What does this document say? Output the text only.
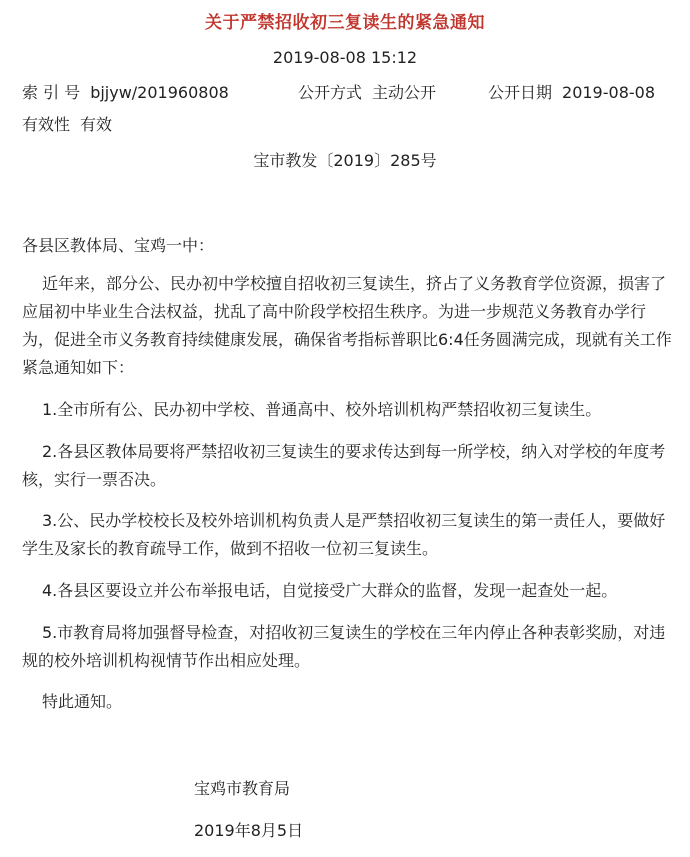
关于严禁招收初三复读生的紧急通知
2019-08-08 15:12
索 引 号 bjjyw/201960808	公开方式 主动公开	公开日期 2019-08-08
有效性 有效
宝市教发〔2019〕285号
各县区教体局、宝鸡一中：
近年来，部分公、民办初中学校擅自招收初三复读生，挤占了义务教育学位资源，损害了应届初中毕业生合法权益，扰乱了高中阶段学校招生秩序。为进一步规范义务教育办学行为，促进全市义务教育持续健康发展，确保省考指标普职比6:4任务圆满完成，现就有关工作紧急通知如下：
1.全市所有公、民办初中学校、普通高中、校外培训机构严禁招收初三复读生。
2.各县区教体局要将严禁招收初三复读生的要求传达到每一所学校，纳入对学校的年度考核，实行一票否决。
3.公、民办学校校长及校外培训机构负责人是严禁招收初三复读生的第一责任人，要做好学生及家长的教育疏导工作，做到不招收一位初三复读生。
4.各县区要设立并公布举报电话，自觉接受广大群众的监督，发现一起查处一起。
5.市教育局将加强督导检查，对招收初三复读生的学校在三年内停止各种表彰奖励，对违规的校外培训机构视情节作出相应处理。
特此通知。
宝鸡市教育局
2019年8月5日
